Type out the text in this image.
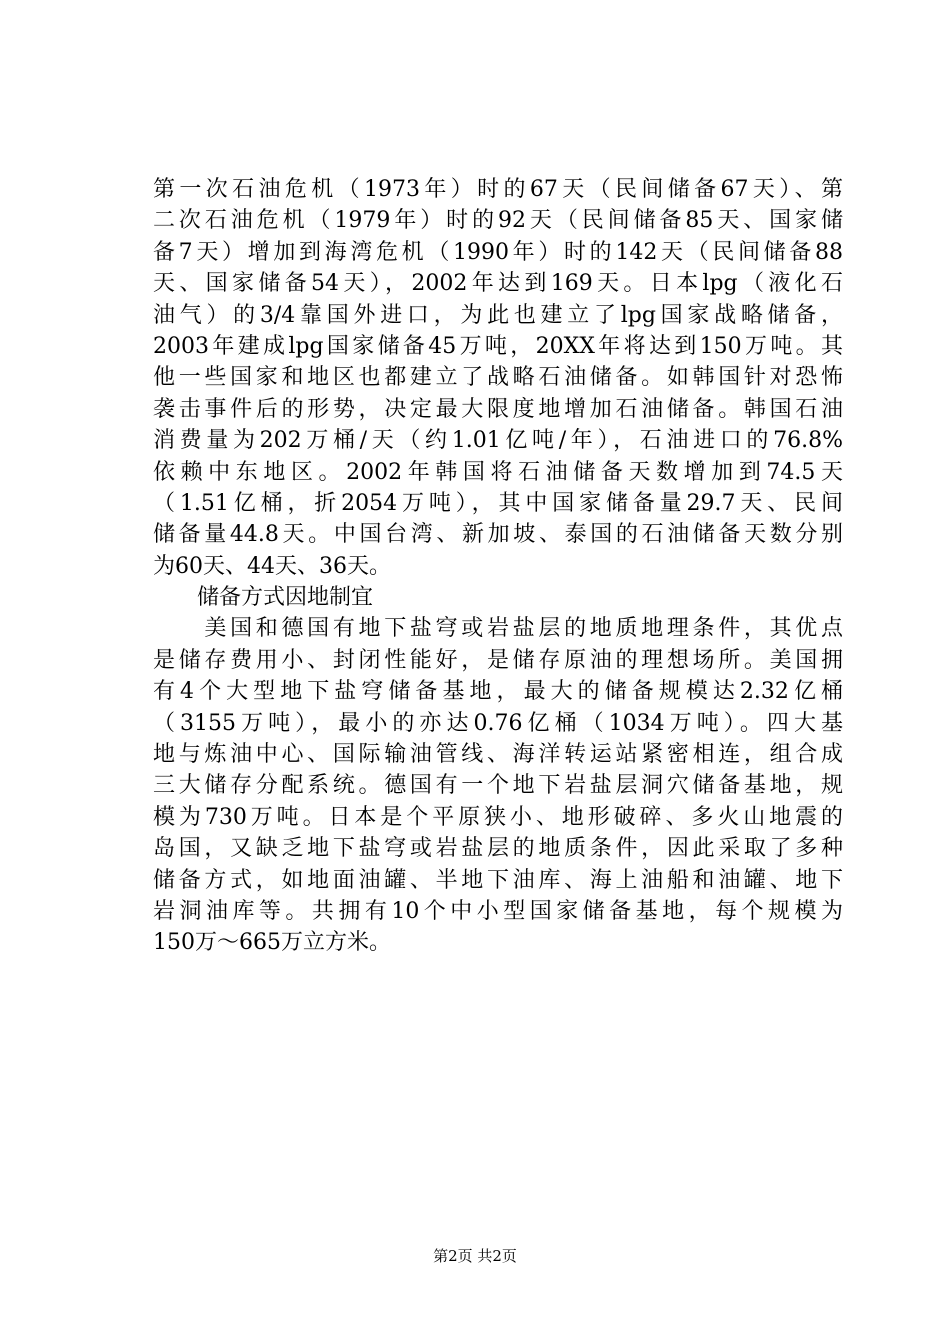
第一次石油危机（1973年）时的67天（民间储备67天）、第
二次石油危机（1979年）时的92天（民间储备85天、国家储
备7天）增加到海湾危机（1990年）时的142天（民间储备88
天、国家储备54天），2002年达到169天。日本lpg（液化石
油气）的3/4靠国外进口，为此也建立了lpg国家战略储备，
2003年建成lpg国家储备45万吨，20XX年将达到150万吨。其
他一些国家和地区也都建立了战略石油储备。如韩国针对恐怖
袭击事件后的形势，决定最大限度地增加石油储备。韩国石油
消费量为202万桶/天（约1.01亿吨/年），石油进口的76.8%
依赖中东地区。2002年韩国将石油储备天数增加到74.5天
（1.51亿桶，折2054万吨），其中国家储备量29.7天、民间
储备量44.8天。中国台湾、新加坡、泰国的石油储备天数分别
为60天、44天、36天。
　　储备方式因地制宜
　　美国和德国有地下盐穹或岩盐层的地质地理条件，其优点
是储存费用小、封闭性能好，是储存原油的理想场所。美国拥
有4个大型地下盐穹储备基地，最大的储备规模达2.32亿桶
（3155万吨），最小的亦达0.76亿桶（1034万吨）。四大基
地与炼油中心、国际输油管线、海洋转运站紧密相连，组合成
三大储存分配系统。德国有一个地下岩盐层洞穴储备基地，规
模为730万吨。日本是个平原狭小、地形破碎、多火山地震的
岛国，又缺乏地下盐穹或岩盐层的地质条件，因此采取了多种
储备方式，如地面油罐、半地下油库、海上油船和油罐、地下
岩洞油库等。共拥有10个中小型国家储备基地，每个规模为
150万～665万立方米。
第2页 共2页
